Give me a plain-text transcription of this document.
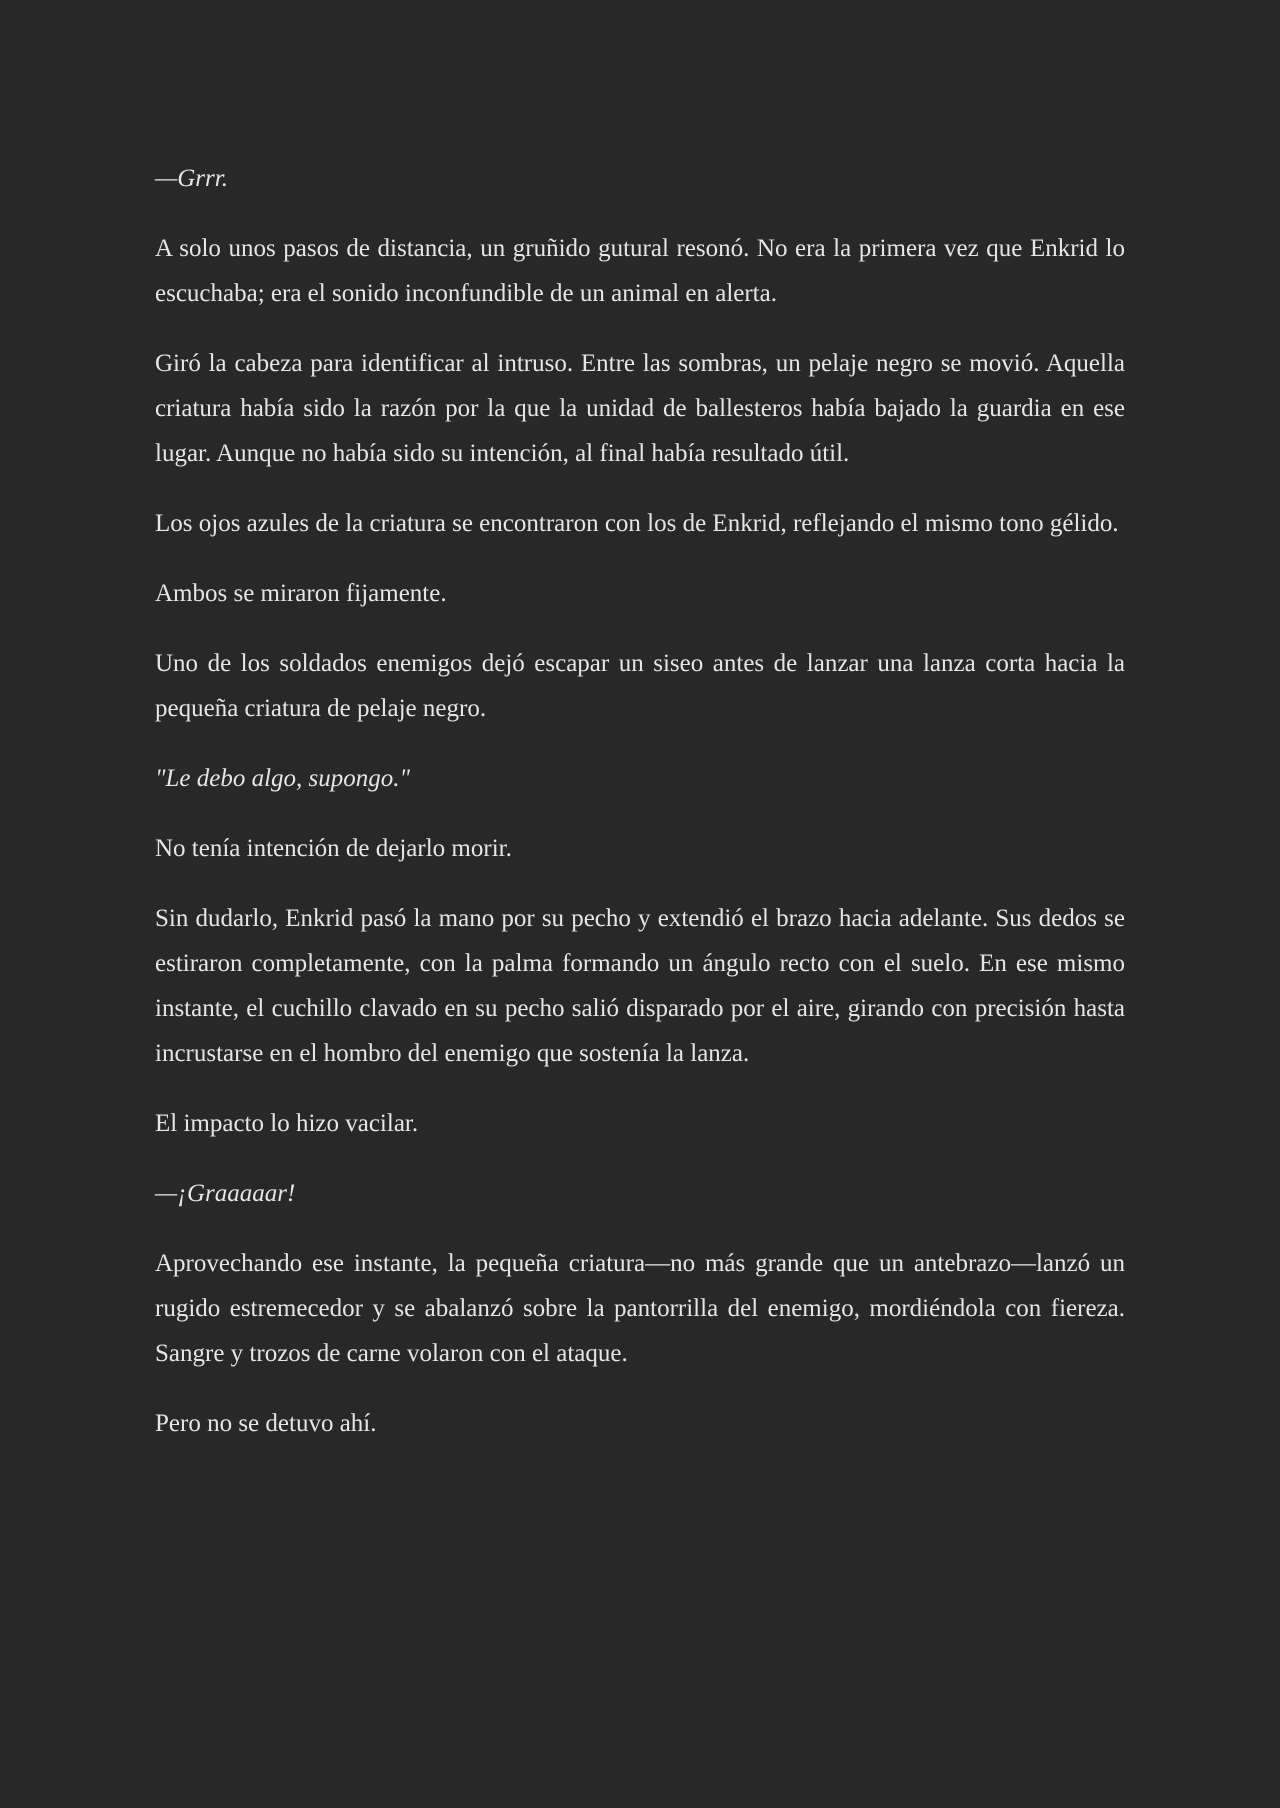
—Grrr.

A solo unos pasos de distancia, un gruñido gutural resonó. No era la primera vez que Enkrid lo escuchaba; era el sonido inconfundible de un animal en alerta.

Giró la cabeza para identificar al intruso. Entre las sombras, un pelaje negro se movió. Aquella criatura había sido la razón por la que la unidad de ballesteros había bajado la guardia en ese lugar. Aunque no había sido su intención, al final había resultado útil.

Los ojos azules de la criatura se encontraron con los de Enkrid, reflejando el mismo tono gélido.

Ambos se miraron fijamente.

Uno de los soldados enemigos dejó escapar un siseo antes de lanzar una lanza corta hacia la pequeña criatura de pelaje negro.

"Le debo algo, supongo."

No tenía intención de dejarlo morir.

Sin dudarlo, Enkrid pasó la mano por su pecho y extendió el brazo hacia adelante. Sus dedos se estiraron completamente, con la palma formando un ángulo recto con el suelo. En ese mismo instante, el cuchillo clavado en su pecho salió disparado por el aire, girando con precisión hasta incrustarse en el hombro del enemigo que sostenía la lanza.

El impacto lo hizo vacilar.

—¡Graaaaar!

Aprovechando ese instante, la pequeña criatura—no más grande que un antebrazo—lanzó un rugido estremecedor y se abalanzó sobre la pantorrilla del enemigo, mordiéndola con fiereza. Sangre y trozos de carne volaron con el ataque.

Pero no se detuvo ahí.
